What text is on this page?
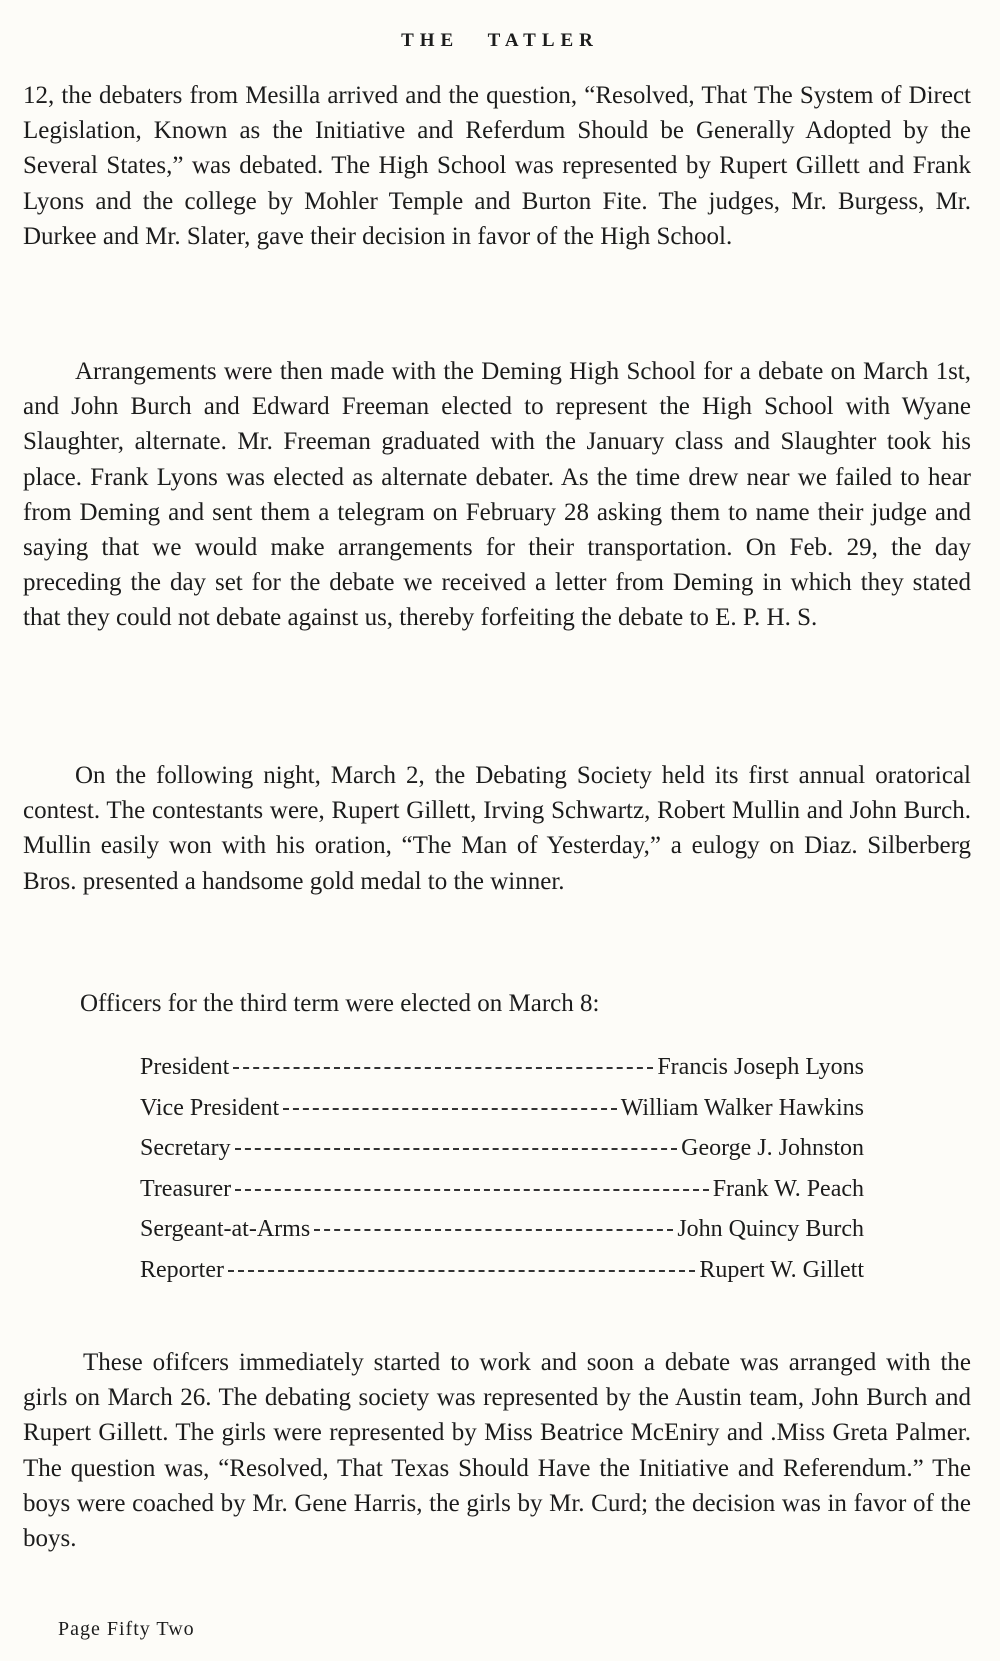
THE TATLER

12, the debaters from Mesilla arrived and the question, “Resolved, That The System of Direct Legislation, Known as the Initiative and Referdum Should be Generally Adopted by the Several States,” was debated. The High School was represented by Rupert Gillett and Frank Lyons and the college by Mohler Temple and Burton Fite. The judges, Mr. Burgess, Mr. Durkee and Mr. Slater, gave their decision in favor of the High School.

Arrangements were then made with the Deming High School for a debate on March 1st, and John Burch and Edward Freeman elected to represent the High School with Wyane Slaughter, alternate. Mr. Freeman graduated with the January class and Slaughter took his place. Frank Lyons was elected as alternate debater. As the time drew near we failed to hear from Deming and sent them a telegram on February 28 asking them to name their judge and saying that we would make arrangements for their transportation. On Feb. 29, the day preceding the day set for the debate we received a letter from Deming in which they stated that they could not debate against us, thereby forfeiting the debate to E. P. H. S.

On the following night, March 2, the Debating Society held its first annual oratorical contest. The contestants were, Rupert Gillett, Irving Schwartz, Robert Mullin and John Burch. Mullin easily won with his oration, “The Man of Yesterday,” a eulogy on Diaz. Silberberg Bros. presented a handsome gold medal to the winner.

Officers for the third term were elected on March 8:

President	Francis Joseph Lyons
Vice President	William Walker Hawkins
Secretary	George J. Johnston
Treasurer	Frank W. Peach
Sergeant-at-Arms	John Quincy Burch
Reporter	Rupert W. Gillett

These ofifcers immediately started to work and soon a debate was arranged with the girls on March 26. The debating society was represented by the Austin team, John Burch and Rupert Gillett. The girls were represented by Miss Beatrice McEniry and .Miss Greta Palmer. The question was, “Resolved, That Texas Should Have the Initiative and Referendum.” The boys were coached by Mr. Gene Harris, the girls by Mr. Curd; the decision was in favor of the boys.

Page Fifty Two
